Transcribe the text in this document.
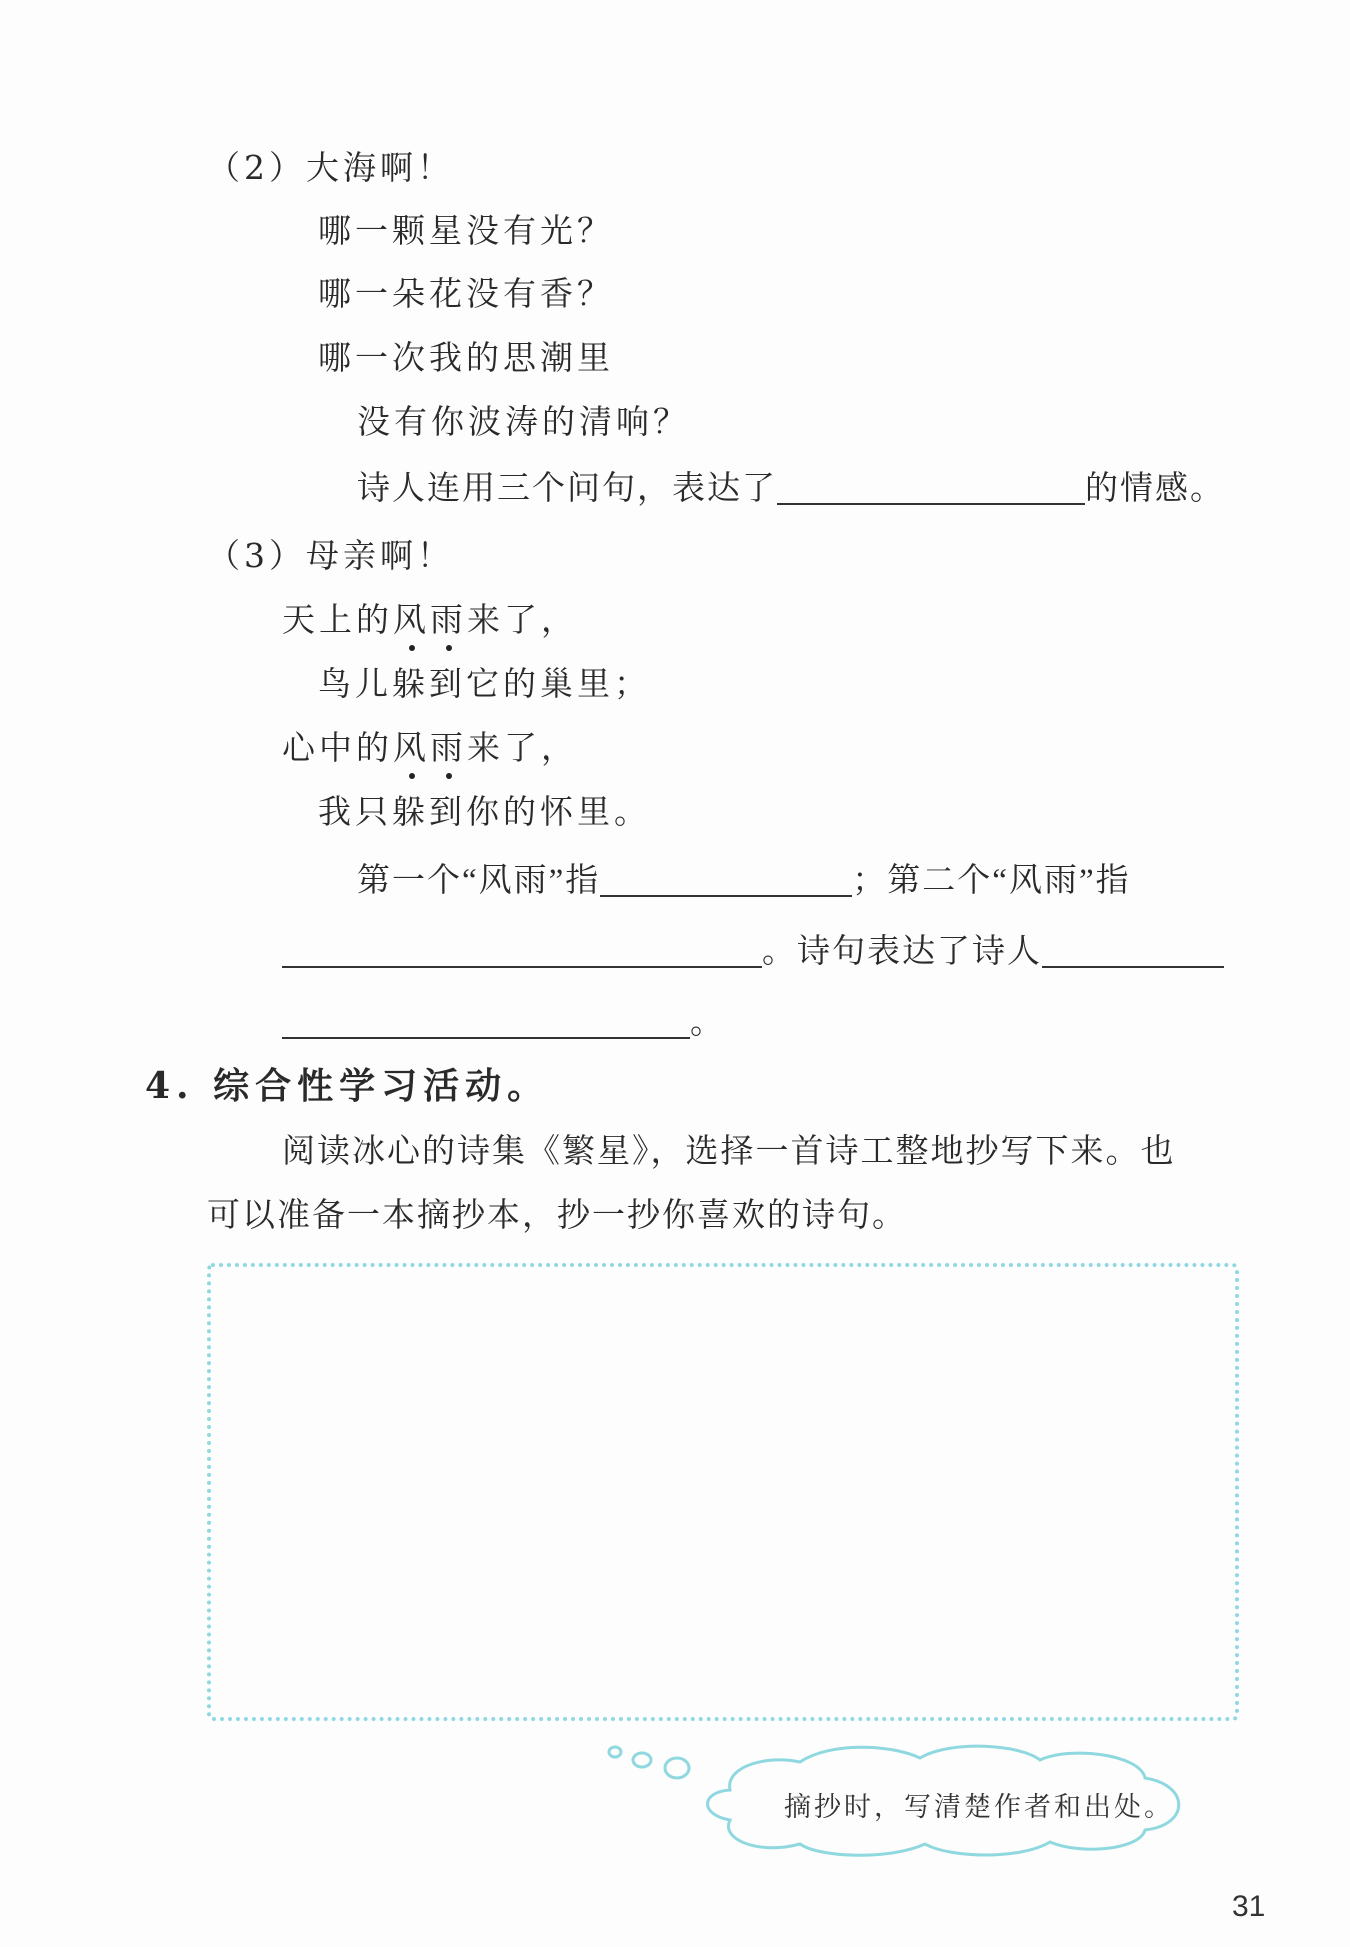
（2）大海啊！
哪一颗星没有光？
哪一朵花没有香？
哪一次我的思潮里
没有你波涛的清响？
诗人连用三个问句，表达了	的情感。
（3）母亲啊！
天上的风雨来了，
鸟儿躲到它的巢里；
心中的风雨来了，
我只躲到你的怀里。
第一个“风雨”指	；第二个“风雨”指
。诗句表达了诗人
。
4. 综合性学习活动。
阅读冰心的诗集《繁星》，选择一首诗工整地抄写下来。也
可以准备一本摘抄本，抄一抄你喜欢的诗句。
摘抄时，写清楚作者和出处。
31
